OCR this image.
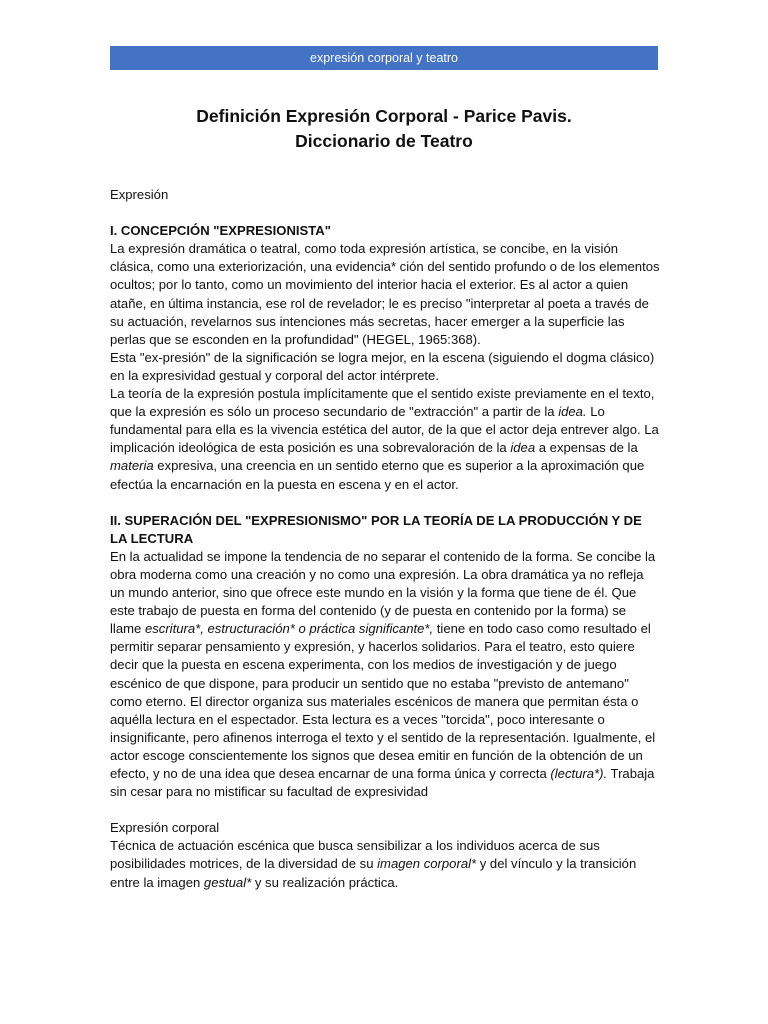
expresión corporal y teatro
Definición Expresión Corporal - Parice Pavis.
Diccionario de Teatro

Expresión

I. CONCEPCIÓN "EXPRESIONISTA"

La expresión dramática o teatral, como toda expresión artística, se concibe, en la visión clásica, como una exteriorización, una evidencia* ción del sentido profundo o de los elementos ocultos; por lo tanto, como un movimiento del interior hacia el exterior. Es al actor a quien atañe, en última instancia, ese rol de revelador; le es preciso "interpretar al poeta a través de su actuación, revelarnos sus intenciones más secretas, hacer emerger a la superficie las perlas que se esconden en la profundidad" (HEGEL, 1965:368).

Esta "ex-presión" de la significación se logra mejor, en la escena (siguiendo el dogma clásico) en la expresividad gestual y corporal del actor intérprete.

La teoría de la expresión postula implícitamente que el sentido existe previamente en el texto, que la expresión es sólo un proceso secundario de "extracción" a partir de la idea. Lo fundamental para ella es la vivencia estética del autor, de la que el actor deja entrever algo. La implicación ideológica de esta posición es una sobrevaloración de la idea a expensas de la materia expresiva, una creencia en un sentido eterno que es superior a la aproximación que efectúa la encarnación en la puesta en escena y en el actor.

II. SUPERACIÓN DEL "EXPRESIONISMO" POR LA TEORÍA DE LA PRODUCCIÓN Y DE LA LECTURA

En la actualidad se impone la tendencia de no separar el contenido de la forma. Se concibe la obra moderna como una creación y no como una expresión. La obra dramática ya no refleja un mundo anterior, sino que ofrece este mundo en la visión y la forma que tiene de él. Que este trabajo de puesta en forma del contenido (y de puesta en contenido por la forma) se llame escritura*, estructuración* o práctica significante*, tiene en todo caso como resultado el permitir separar pensamiento y expresión, y hacerlos solidarios. Para el teatro, esto quiere decir que la puesta en escena experimenta, con los medios de investigación y de juego escénico de que dispone, para producir un sentido que no estaba "previsto de antemano" como eterno. El director organiza sus materiales escénicos de manera que permitan ésta o aquélla lectura en el espectador. Esta lectura es a veces "torcida", poco interesante o insignificante, pero afinenos interroga el texto y el sentido de la representación. Igualmente, el actor escoge conscientemente los signos que desea emitir en función de la obtención de un efecto, y no de una idea que desea encarnar de una forma única y correcta (lectura*). Trabaja sin cesar para no mistificar su facultad de expresividad

Expresión corporal

Técnica de actuación escénica que busca sensibilizar a los individuos acerca de sus posibilidades motrices, de la diversidad de su imagen corporal* y del vínculo y la transición entre la imagen gestual* y su realización práctica.
